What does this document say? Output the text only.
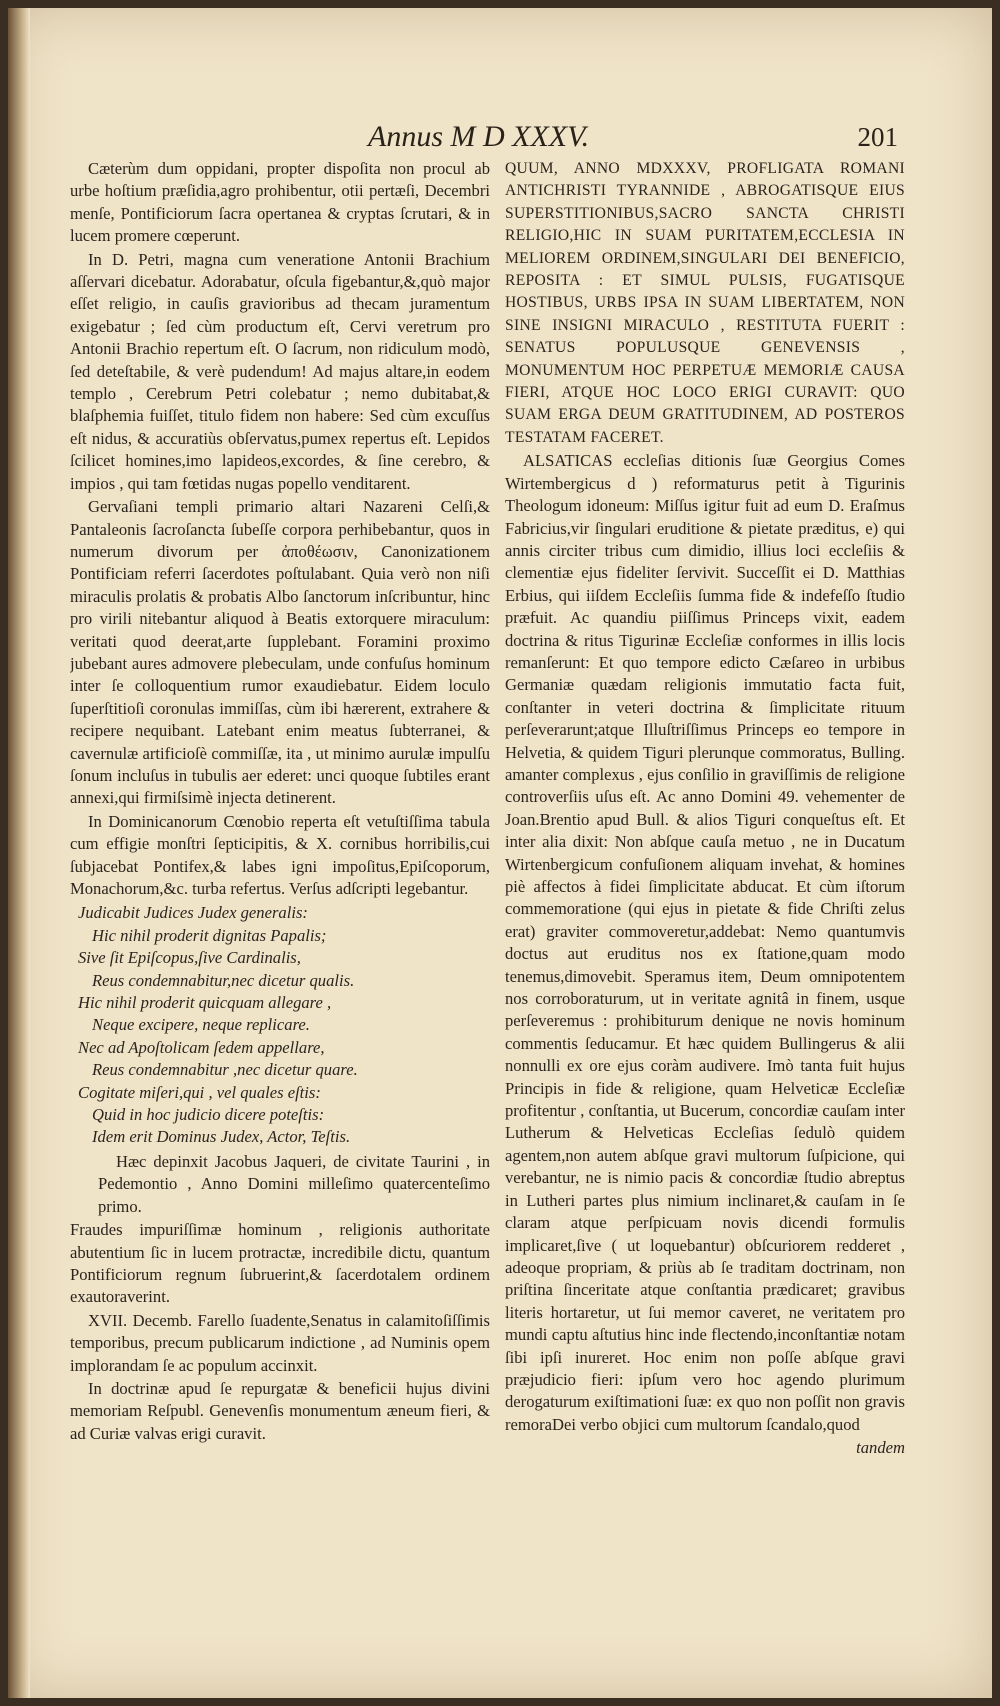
Annus M D XXXV.	201

Cæterùm dum oppidani, propter dispoſita non procul ab urbe hoſtium præſidia,agro prohibentur, otii pertæſi, Decembri menſe, Pontificiorum ſacra opertanea & cryptas ſcrutari, & in lucem promere cœperunt.

In D. Petri, magna cum veneratione Antonii Brachium aſſervari dicebatur. Adorabatur, oſcula figebantur,&,quò major eſſet religio, in cauſis gravioribus ad thecam juramentum exigebatur ; ſed cùm productum eſt, Cervi veretrum pro Antonii Brachio repertum eſt. O ſacrum, non ridiculum modò, ſed deteſtabile, & verè pudendum! Ad majus altare,in eodem templo , Cerebrum Petri colebatur ; nemo dubitabat,& blaſphemia fuiſſet, titulo fidem non habere: Sed cùm excuſſus eſt nidus, & accuratiùs obſervatus,pumex repertus eſt. Lepidos ſcilicet homines,imo lapideos,excordes, & ſine cerebro, & impios , qui tam fœtidas nugas popello venditarent.

Gervaſiani templi primario altari Nazareni Celſi,& Pantaleonis ſacroſancta ſubeſſe corpora perhibebantur, quos in numerum divorum per ἀποθέωσιν, Canonizationem Pontificiam referri ſacerdotes poſtulabant. Quia verò non niſi miraculis prolatis & probatis Albo ſanctorum inſcribuntur, hinc pro virili nitebantur aliquod à Beatis extorquere miraculum: veritati quod deerat,arte ſupplebant. Foramini proximo jubebant aures admovere plebeculam, unde confuſus hominum inter ſe colloquentium rumor exaudiebatur. Eidem loculo ſuperſtitioſi coronulas immiſſas, cùm ibi hærerent, extrahere & recipere nequibant. Latebant enim meatus ſubterranei, & cavernulæ artificioſè commiſſæ, ita , ut minimo aurulæ impulſu ſonum incluſus in tubulis aer ederet: unci quoque ſubtiles erant annexi,qui firmiſsimè injecta detinerent.

In Dominicanorum Cœnobio reperta eſt vetuſtiſſima tabula cum effigie monſtri ſepticipitis, & X. cornibus horribilis,cui ſubjacebat Pontifex,& labes igni impoſitus,Epiſcoporum, Monachorum,&c. turba refertus. Verſus adſcripti legebantur.

Judicabit Judices Judex generalis:
Hic nihil proderit dignitas Papalis;
Sive ſit Epiſcopus,ſive Cardinalis,
Reus condemnabitur,nec dicetur qualis.
Hic nihil proderit quicquam allegare ,
Neque excipere, neque replicare.
Nec ad Apoſtolicam ſedem appellare,
Reus condemnabitur ,nec dicetur quare.
Cogitate miſeri,qui , vel quales eſtis:
Quid in hoc judicio dicere poteſtis:
Idem erit Dominus Judex, Actor, Teſtis.

Hæc depinxit Jacobus Jaqueri, de civitate Taurini , in Pedemontio , Anno Domini milleſimo quatercenteſimo primo.

Fraudes impuriſſimæ hominum , religionis authoritate abutentium ſic in lucem protractæ, incredibile dictu, quantum Pontificiorum regnum ſubruerint,& ſacerdotalem ordinem exautoraverint.

XVII. Decemb. Farello ſuadente,Senatus in calamitoſiſſimis temporibus, precum publicarum indictione , ad Numinis opem implorandam ſe ac populum accinxit.

In doctrinæ apud ſe repurgatæ & beneficii hujus divini memoriam Reſpubl. Genevenſis monumentum æneum fieri, & ad Curiæ valvas erigi curavit.

QUUM, ANNO MDXXXV, PROFLIGATA ROMANI ANTICHRISTI TYRANNIDE , ABROGATISQUE EIUS SUPERSTITIONIBUS,SACRO SANCTA CHRISTI RELIGIO,HIC IN SUAM PURITATEM,ECCLESIA IN MELIOREM ORDINEM,SINGULARI DEI BENEFICIO, REPOSITA : ET SIMUL PULSIS, FUGATISQUE HOSTIBUS, URBS IPSA IN SUAM LIBERTATEM, NON SINE INSIGNI MIRACULO , RESTITUTA FUERIT : SENATUS POPULUSQUE GENEVENSIS , MONUMENTUM HOC PERPETUÆ MEMORIÆ CAUSA FIERI, ATQUE HOC LOCO ERIGI CURAVIT: QUO SUAM ERGA DEUM GRATITUDINEM, AD POSTEROS TESTATAM FACERET.

ALSATICAS eccleſias ditionis ſuæ Georgius Comes Wirtembergicus d ) reformaturus petit à Tigurinis Theologum idoneum: Miſſus igitur fuit ad eum D. Eraſmus Fabricius,vir ſingulari eruditione & pietate præditus, e) qui annis circiter tribus cum dimidio, illius loci eccleſiis & clementiæ ejus fideliter ſervivit. Succeſſit ei D. Matthias Erbius, qui iiſdem Eccleſiis ſumma fide & indefeſſo ſtudio præfuit. Ac quandiu piiſſimus Princeps vixit, eadem doctrina & ritus Tigurinæ Eccleſiæ conformes in illis locis remanſerunt: Et quo tempore edicto Cæſareo in urbibus Germaniæ quædam religionis immutatio facta fuit, conſtanter in veteri doctrina & ſimplicitate rituum perſeverarunt;atque Illuſtriſſimus Princeps eo tempore in Helvetia, & quidem Tiguri plerunque commoratus, Bulling. amanter complexus , ejus conſilio in graviſſimis de religione controverſiis uſus eſt. Ac anno Domini 49. vehementer de Joan.Brentio apud Bull. & alios Tiguri conqueſtus eſt. Et inter alia dixit: Non abſque cauſa metuo , ne in Ducatum Wirtenbergicum confuſionem aliquam invehat, & homines piè affectos à fidei ſimplicitate abducat. Et cùm iſtorum commemoratione (qui ejus in pietate & fide Chriſti zelus erat) graviter commoveretur,addebat: Nemo quantumvis doctus aut eruditus nos ex ſtatione,quam modo tenemus,dimovebit. Speramus item, Deum omnipotentem nos corroboraturum, ut in veritate agnitâ in finem, usque perſeveremus : prohibiturum denique ne novis hominum commentis ſeducamur. Et hæc quidem Bullingerus & alii nonnulli ex ore ejus coràm audivere. Imò tanta fuit hujus Principis in fide & religione, quam Helveticæ Eccleſiæ profitentur , conſtantia, ut Bucerum, concordiæ cauſam inter Lutherum & Helveticas Eccleſias ſedulò quidem agentem,non autem abſque gravi multorum ſuſpicione, qui verebantur, ne is nimio pacis & concordiæ ſtudio abreptus in Lutheri partes plus nimium inclinaret,& cauſam in ſe claram atque perſpicuam novis dicendi formulis implicaret,ſive ( ut loquebantur) obſcuriorem redderet , adeoque propriam, & priùs ab ſe traditam doctrinam, non priſtina ſinceritate atque conſtantia prædicaret; gravibus literis hortaretur, ut ſui memor caveret, ne veritatem pro mundi captu aſtutius hinc inde flectendo,inconſtantiæ notam ſibi ipſi inureret. Hoc enim non poſſe abſque gravi præjudicio fieri: ipſum vero hoc agendo plurimum derogaturum exiſtimationi ſuæ: ex quo non poſſit non gravis remoraDei verbo objici cum multorum ſcandalo,quod

tandem
